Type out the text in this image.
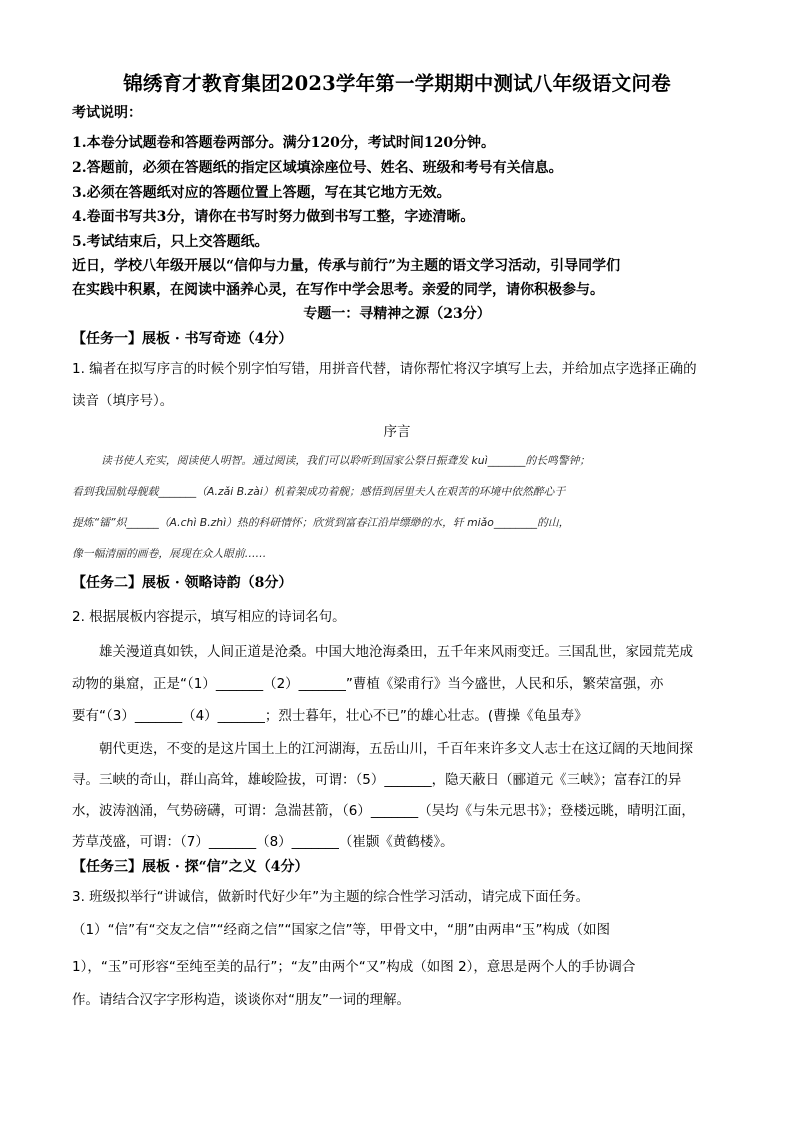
锦绣育才教育集团2023学年第一学期期中测试八年级语文问卷
考试说明：
1.本卷分试题卷和答题卷两部分。满分120分，考试时间120分钟。
2.答题前，必须在答题纸的指定区域填涂座位号、姓名、班级和考号有关信息。
3.必须在答题纸对应的答题位置上答题，写在其它地方无效。
4.卷面书写共3分，请你在书写时努力做到书写工整，字迹清晰。
5.考试结束后，只上交答题纸。
近日，学校八年级开展以“信仰与力量，传承与前行”为主题的语文学习活动，引导同学们
在实践中积累，在阅读中涵养心灵，在写作中学会思考。亲爱的同学，请你积极参与。
专题一：寻精神之源（23分）
【任务一】展板 · 书写奇迹（4分）
1. 编者在拟写序言的时候个别字怕写错，用拼音代替，请你帮忙将汉字填写上去，并给加点字选择正确的
读音（填序号）。
序言
读书使人充实，阅读使人明智。通过阅读，我们可以聆听到国家公祭日振聋发 kuì_______的长鸣警钟；
看到我国航母舰载_______（A.zǎi B.zài）机着架成功着舰；感悟到居里夫人在艰苦的环境中依然醉心于
提炼“镭”炽______（A.chì B.zhì）热的科研情怀；欣赏到富春江沿岸缥缈的水，轩 miǎo________的山，
像一幅清丽的画卷，展现在众人眼前……
【任务二】展板 · 领略诗韵（8分）
2. 根据展板内容提示，填写相应的诗词名句。
雄关漫道真如铁，人间正道是沧桑。中国大地沧海桑田，五千年来风雨变迁。三国乱世，家园荒芜成
动物的巢窟，正是“（1）_______（2）_______”曹植《梁甫行》当今盛世，人民和乐，繁荣富强，亦
要有“（3）_______（4）_______；烈士暮年，壮心不已”的雄心壮志。(曹操《龟虽寿》
朝代更迭，不变的是这片国土上的江河湖海，五岳山川，千百年来许多文人志士在这辽阔的天地间探
寻。三峡的奇山，群山高耸，雄峻险拔，可谓：（5）_______，隐天蔽日（郦道元《三峡》；富春江的异
水，波涛汹涌，气势磅礴，可谓：急湍甚箭，（6）_______（吴均《与朱元思书》；登楼远眺，晴明江面，
芳草茂盛，可谓：（7）_______（8）_______（崔颢《黄鹤楼》。
【任务三】展板 · 探“信”之义（4分）
3. 班级拟举行“讲诚信，做新时代好少年”为主题的综合性学习活动，请完成下面任务。
（1）“信”有“交友之信”“经商之信”“国家之信”等，甲骨文中，“朋”由两串“玉”构成（如图
1），“玉”可形容“至纯至美的品行”；“友”由两个“又”构成（如图 2），意思是两个人的手协调合
作。请结合汉字字形构造，谈谈你对“朋友”一词的理解。
